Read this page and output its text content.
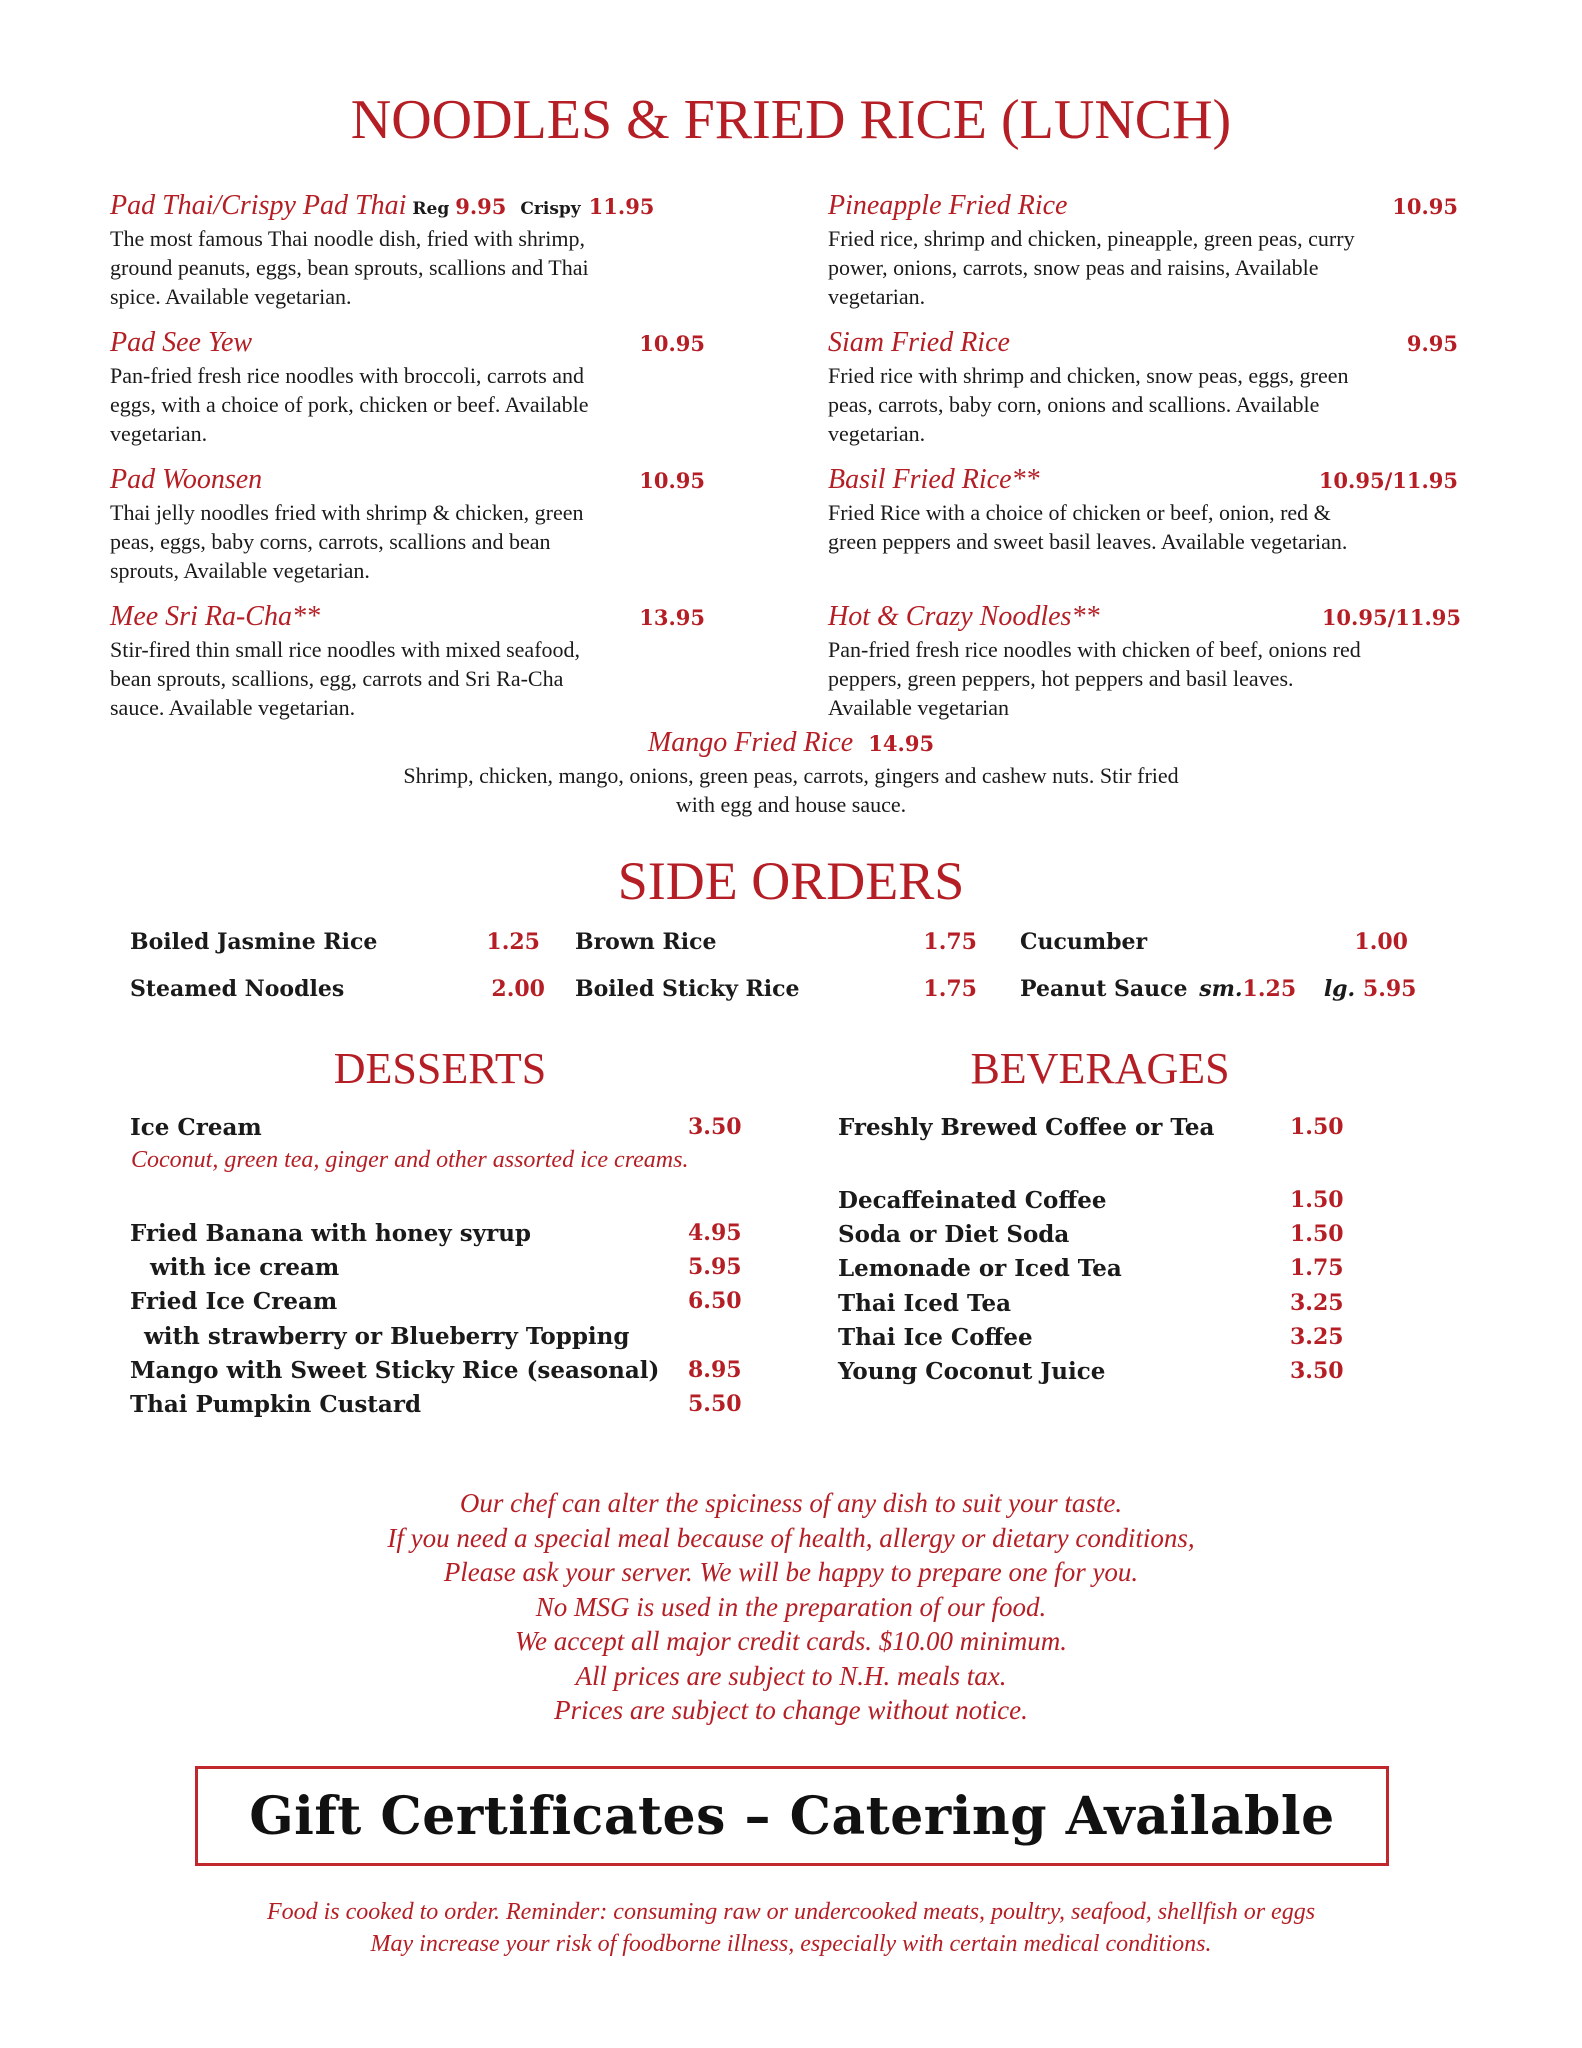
NOODLES & FRIED RICE (LUNCH)
Pad Thai/Crispy Pad Thai Reg 9.95 Crispy 11.95
The most famous Thai noodle dish, fried with shrimp,
ground peanuts, eggs, bean sprouts, scallions and Thai
spice. Available vegetarian.
Pad See Yew	10.95
Pan-fried fresh rice noodles with broccoli, carrots and
eggs, with a choice of pork, chicken or beef. Available
vegetarian.
Pad Woonsen	10.95
Thai jelly noodles fried with shrimp & chicken, green
peas, eggs, baby corns, carrots, scallions and bean
sprouts, Available vegetarian.
Mee Sri Ra-Cha**	13.95
Stir-fired thin small rice noodles with mixed seafood,
bean sprouts, scallions, egg, carrots and Sri Ra-Cha
sauce. Available vegetarian.
Pineapple Fried Rice	10.95
Fried rice, shrimp and chicken, pineapple, green peas, curry
power, onions, carrots, snow peas and raisins, Available
vegetarian.
Siam Fried Rice	9.95
Fried rice with shrimp and chicken, snow peas, eggs, green
peas, carrots, baby corn, onions and scallions. Available
vegetarian.
Basil Fried Rice**	10.95/11.95
Fried Rice with a choice of chicken or beef, onion, red &
green peppers and sweet basil leaves. Available vegetarian.
Hot & Crazy Noodles**	10.95/11.95
Pan-fried fresh rice noodles with chicken of beef, onions red
peppers, green peppers, hot peppers and basil leaves.
Available vegetarian
Mango Fried Rice 14.95
Shrimp, chicken, mango, onions, green peas, carrots, gingers and cashew nuts. Stir fried
with egg and house sauce.
SIDE ORDERS
Boiled Jasmine Rice	1.25 Brown Rice	1.75 Cucumber	1.00
Steamed Noodles	2.00 Boiled Sticky Rice	1.75 Peanut Sauce sm.1.25 lg. 5.95
DESSERTS
Ice Cream	3.50
Coconut, green tea, ginger and other assorted ice creams.
Fried Banana with honey syrup	4.95
with ice cream	5.95
Fried Ice Cream	6.50
with strawberry or Blueberry Topping
Mango with Sweet Sticky Rice (seasonal) 8.95
Thai Pumpkin Custard	5.50
BEVERAGES
Freshly Brewed Coffee or Tea	1.50
Decaffeinated Coffee	1.50
Soda or Diet Soda	1.50
Lemonade or Iced Tea	1.75
Thai Iced Tea	3.25
Thai Ice Coffee	3.25
Young Coconut Juice	3.50
Our chef can alter the spiciness of any dish to suit your taste.
If you need a special meal because of health, allergy or dietary conditions,
Please ask your server. We will be happy to prepare one for you.
No MSG is used in the preparation of our food.
We accept all major credit cards. $10.00 minimum.
All prices are subject to N.H. meals tax.
Prices are subject to change without notice.
Gift Certificates – Catering Available
Food is cooked to order. Reminder: consuming raw or undercooked meats, poultry, seafood, shellfish or eggs
May increase your risk of foodborne illness, especially with certain medical conditions.
